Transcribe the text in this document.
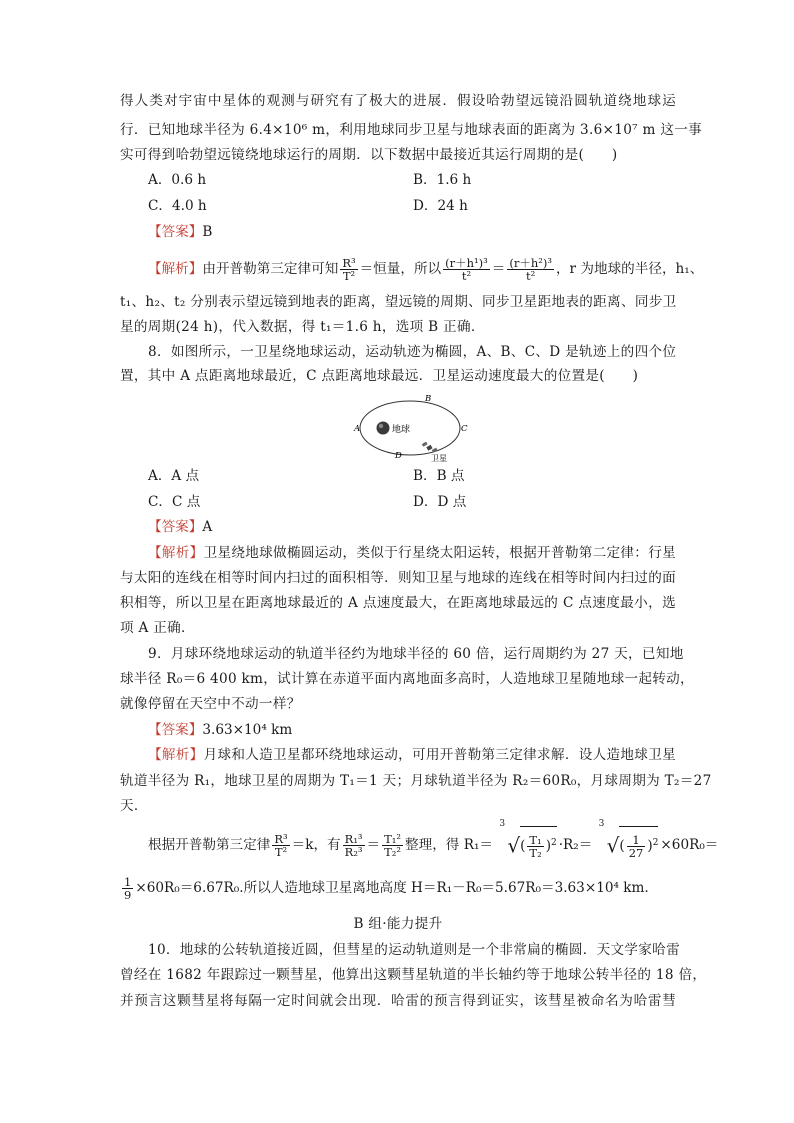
得人类对宇宙中星体的观测与研究有了极大的进展．假设哈勃望远镜沿圆轨道绕地球运
行．已知地球半径为 6.4×10⁶ m，利用地球同步卫星与地球表面的距离为 3.6×10⁷ m 这一事
实可得到哈勃望远镜绕地球运行的周期．以下数据中最接近其运行周期的是(　　)
A．0.6 h	B．1.6 h
C．4.0 h	D．24 h
【答案】B
【解析】由开普勒第三定律可知 $\frac{\text{R³}}{\text{T²}}$ ＝恒量，所以 $\frac{\text{(r＋h¹)³}}{\text{t²}} = \frac{\text{(r＋h²)³}}{\text{t²}}$ ，r 为地球的半径，h₁、
t₁、h₂、t₂ 分别表示望远镜到地表的距离，望远镜的周期、同步卫星距地表的距离、同步卫
星的周期(24 h)，代入数据，得 t₁＝1.6 h，选项 B 正确．
8．如图所示，一卫星绕地球运动，运动轨迹为椭圆，A、B、C、D 是轨迹上的四个位
置，其中 A 点距离地球最近，C 点距离地球最远．卫星运动速度最大的位置是(　　)
地球
A
B
C
D	卫星
A．A 点	B．B 点
C．C 点	D．D 点
【答案】A
【解析】卫星绕地球做椭圆运动，类似于行星绕太阳运转，根据开普勒第二定律：行星
与太阳的连线在相等时间内扫过的面积相等．则知卫星与地球的连线在相等时间内扫过的面
积相等，所以卫星在距离地球最近的 A 点速度最大，在距离地球最远的 C 点速度最小，选
项 A 正确．
9．月球环绕地球运动的轨道半径约为地球半径的 60 倍，运行周期约为 27 天，已知地
球半径 R₀＝6 400 km，试计算在赤道平面内离地面多高时，人造地球卫星随地球一起转动，
就像停留在天空中不动一样？
【答案】3.63×10⁴ km
【解析】月球和人造卫星都环绕地球运动，可用开普勒第三定律求解．设人造地球卫星
轨道半径为 R₁，地球卫星的周期为 T₁＝1 天；月球轨道半径为 R₂＝60R₀，月球周期为 T₂＝27
天．
根据开普勒第三定律 $\frac{\text{R³}}{\text{T²}} =k$，有 $\frac{\text{R₁³}}{\text{R₂³}} = \frac{\text{T₁²}}{\text{T₂²}}$ 整理，得 R₁＝
3
√( $\frac{\text{T₁}}{\text{T₂}} )^2 \cdot R_2=$
3
√( $\frac{1}{27} )^2 \times 60R_0=$
$\frac{1}{9} \times 60R_0=6.67R_0$.所以人造地球卫星离地高度 H＝R₁－R₀＝5.67R₀＝3.63×10⁴ km.
B 组·能力提升
10．地球的公转轨道接近圆，但彗星的运动轨道则是一个非常扁的椭圆．天文学家哈雷
曾经在 1682 年跟踪过一颗彗星，他算出这颗彗星轨道的半长轴约等于地球公转半径的 18 倍，
并预言这颗彗星将每隔一定时间就会出现．哈雷的预言得到证实，该彗星被命名为哈雷彗
